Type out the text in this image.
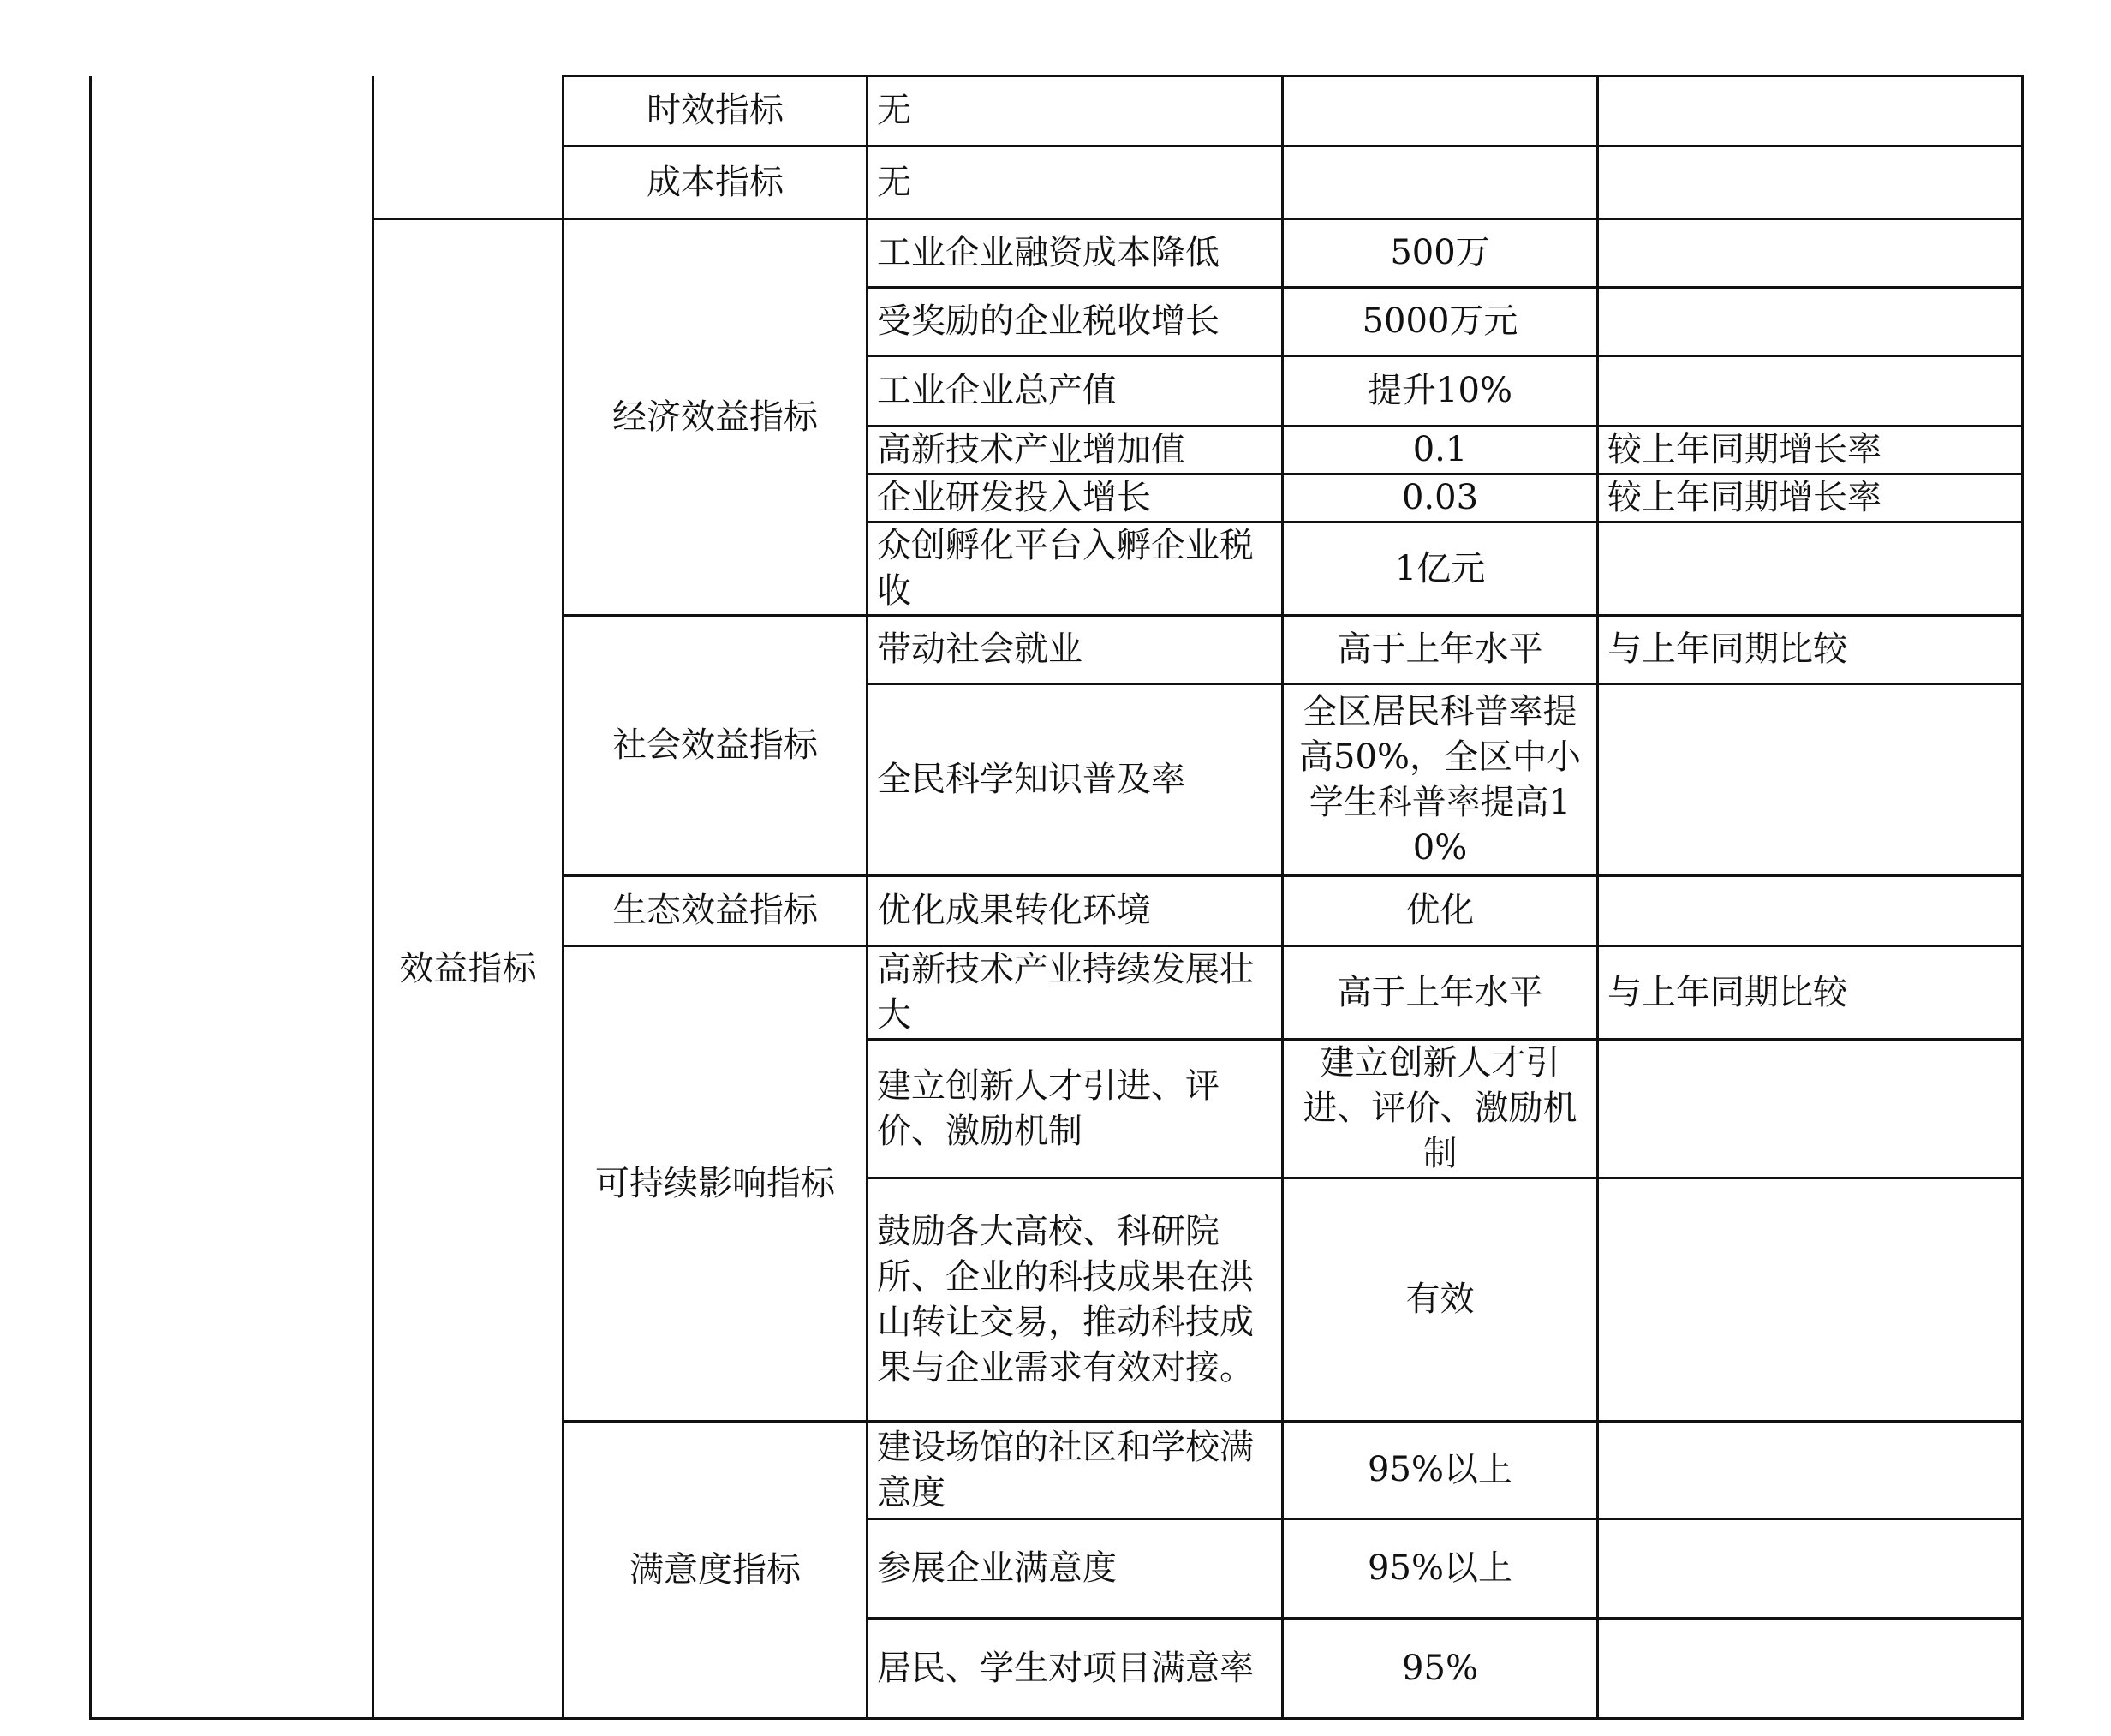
		时效指标	无		
		成本指标	无		
	效益指标	经济效益指标	工业企业融资成本降低	500万	
			受奖励的企业税收增长	5000万元	
			工业企业总产值	提升10%	
			高新技术产业增加值	0.1	较上年同期增长率
			企业研发投入增长	0.03	较上年同期增长率
			众创孵化平台入孵企业税收	1亿元	
		社会效益指标	带动社会就业	高于上年水平	与上年同期比较
			全民科学知识普及率	全区居民科普率提高50%，全区中小学生科普率提高10%	
		生态效益指标	优化成果转化环境	优化	
		可持续影响指标	高新技术产业持续发展壮大	高于上年水平	与上年同期比较
			建立创新人才引进、评价、激励机制	建立创新人才引进、评价、激励机制	
			鼓励各大高校、科研院所、企业的科技成果在洪山转让交易，推动科技成果与企业需求有效对接。	有效	
		满意度指标	建设场馆的社区和学校满意度	95%以上	
			参展企业满意度	95%以上	
			居民、学生对项目满意率	95%	
